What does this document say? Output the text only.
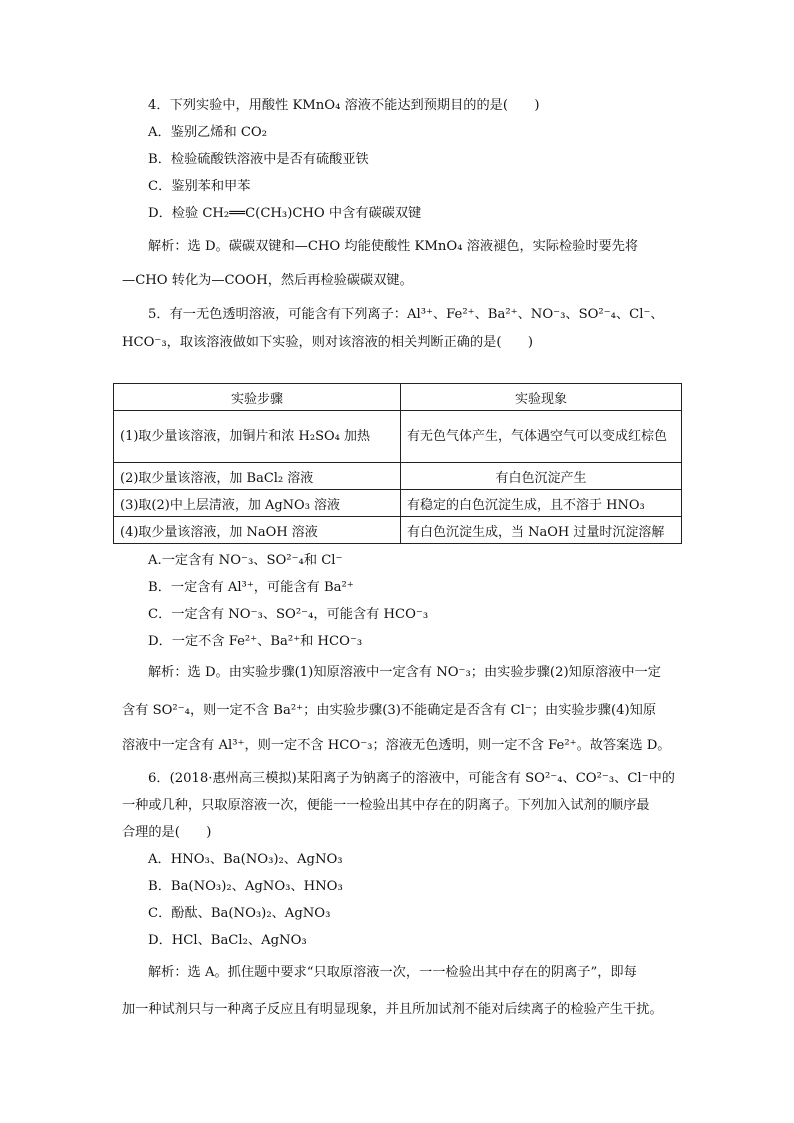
4．下列实验中，用酸性 KMnO₄ 溶液不能达到预期目的的是(　　)
A．鉴别乙烯和 CO₂
B．检验硫酸铁溶液中是否有硫酸亚铁
C．鉴别苯和甲苯
D．检验 CH₂══C(CH₃)CHO 中含有碳碳双键
解析：选 D。碳碳双键和—CHO 均能使酸性 KMnO₄ 溶液褪色，实际检验时要先将
—CHO 转化为—COOH，然后再检验碳碳双键。
5．有一无色透明溶液，可能含有下列离子：Al³⁺、Fe²⁺、Ba²⁺、NO⁻₃、SO²⁻₄、Cl⁻、
HCO⁻₃，取该溶液做如下实验，则对该溶液的相关判断正确的是(　　)
实验步骤	实验现象
(1)取少量该溶液，加铜片和浓 H₂SO₄ 加热	有无色气体产生，气体遇空气可以变成红棕色
(2)取少量该溶液，加 BaCl₂ 溶液	有白色沉淀产生
(3)取(2)中上层清液，加 AgNO₃ 溶液	有稳定的白色沉淀生成，且不溶于 HNO₃
(4)取少量该溶液，加 NaOH 溶液	有白色沉淀生成，当 NaOH 过量时沉淀溶解
A.一定含有 NO⁻₃、SO²⁻₄和 Cl⁻
B．一定含有 Al³⁺，可能含有 Ba²⁺
C．一定含有 NO⁻₃、SO²⁻₄，可能含有 HCO⁻₃
D．一定不含 Fe²⁺、Ba²⁺和 HCO⁻₃
解析：选 D。由实验步骤(1)知原溶液中一定含有 NO⁻₃；由实验步骤(2)知原溶液中一定
含有 SO²⁻₄，则一定不含 Ba²⁺；由实验步骤(3)不能确定是否含有 Cl⁻；由实验步骤(4)知原
溶液中一定含有 Al³⁺，则一定不含 HCO⁻₃；溶液无色透明，则一定不含 Fe²⁺。故答案选 D。
6．(2018·惠州高三模拟)某阳离子为钠离子的溶液中，可能含有 SO²⁻₄、CO²⁻₃、Cl⁻中的
一种或几种，只取原溶液一次，便能一一检验出其中存在的阴离子。下列加入试剂的顺序最
合理的是(　　)
A．HNO₃、Ba(NO₃)₂、AgNO₃
B．Ba(NO₃)₂、AgNO₃、HNO₃
C．酚酞、Ba(NO₃)₂、AgNO₃
D．HCl、BaCl₂、AgNO₃
解析：选 A。抓住题中要求“只取原溶液一次，一一检验出其中存在的阴离子”，即每
加一种试剂只与一种离子反应且有明显现象，并且所加试剂不能对后续离子的检验产生干扰。
